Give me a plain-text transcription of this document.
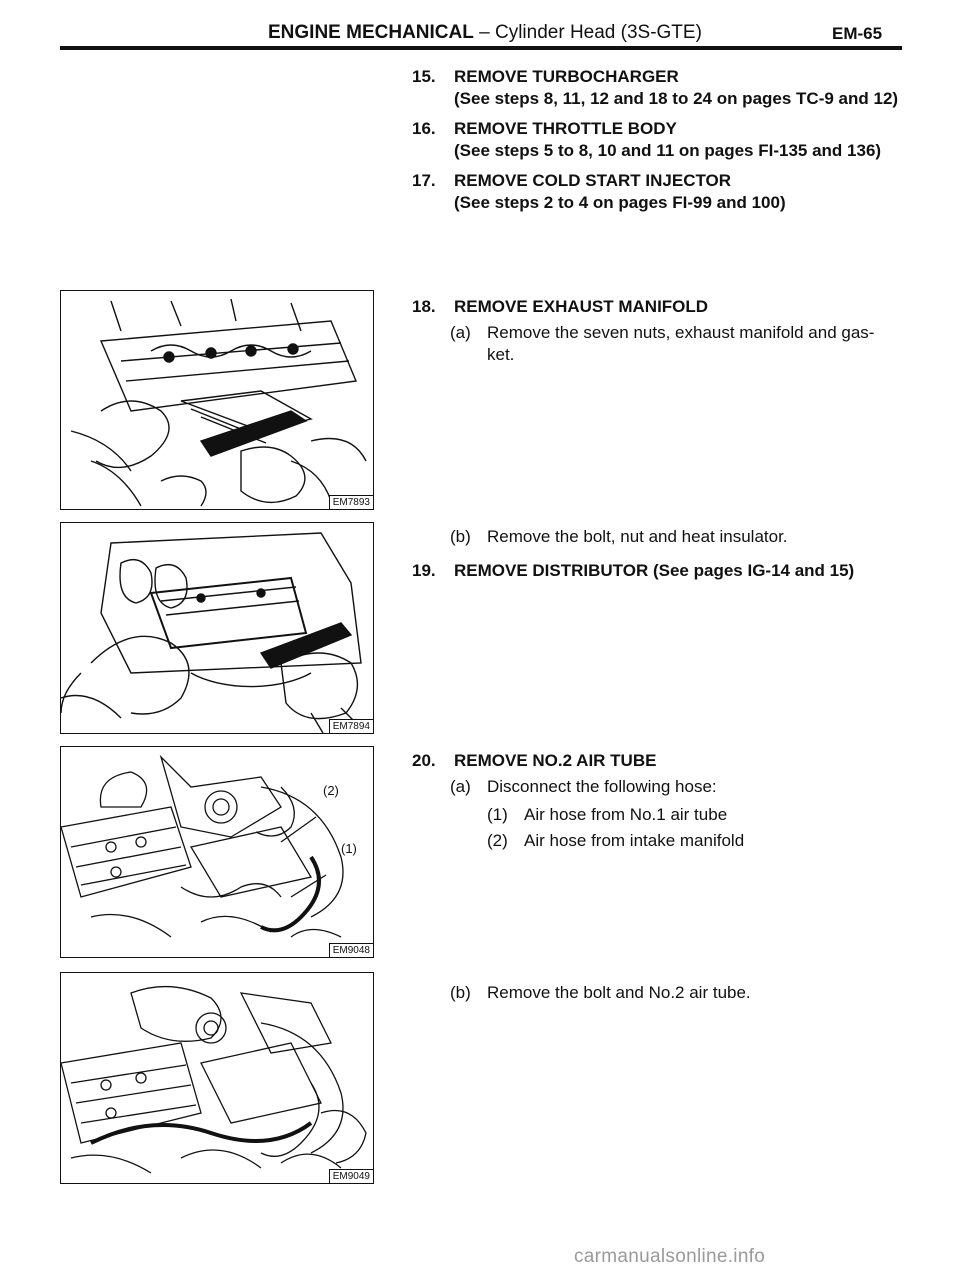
ENGINE MECHANICAL – Cylinder Head (3S-GTE)	EM-65
15. REMOVE TURBOCHARGER
(See steps 8, 11, 12 and 18 to 24 on pages TC-9 and 12)
16. REMOVE THROTTLE BODY
(See steps 5 to 8, 10 and 11 on pages FI-135 and 136)
17. REMOVE COLD START INJECTOR
(See steps 2 to 4 on pages FI-99 and 100)
18. REMOVE EXHAUST MANIFOLD
(a) Remove the seven nuts, exhaust manifold and gas-
ket.
(b) Remove the bolt, nut and heat insulator.
19. REMOVE DISTRIBUTOR (See pages IG-14 and 15)
20. REMOVE NO.2 AIR TUBE
(a) Disconnect the following hose:
(1) Air hose from No.1 air tube
(2) Air hose from intake manifold
(b) Remove the bolt and No.2 air tube.
EM7893
EM7894
(2)
(1)
EM9048
EM9049
carmanualsonline.info
